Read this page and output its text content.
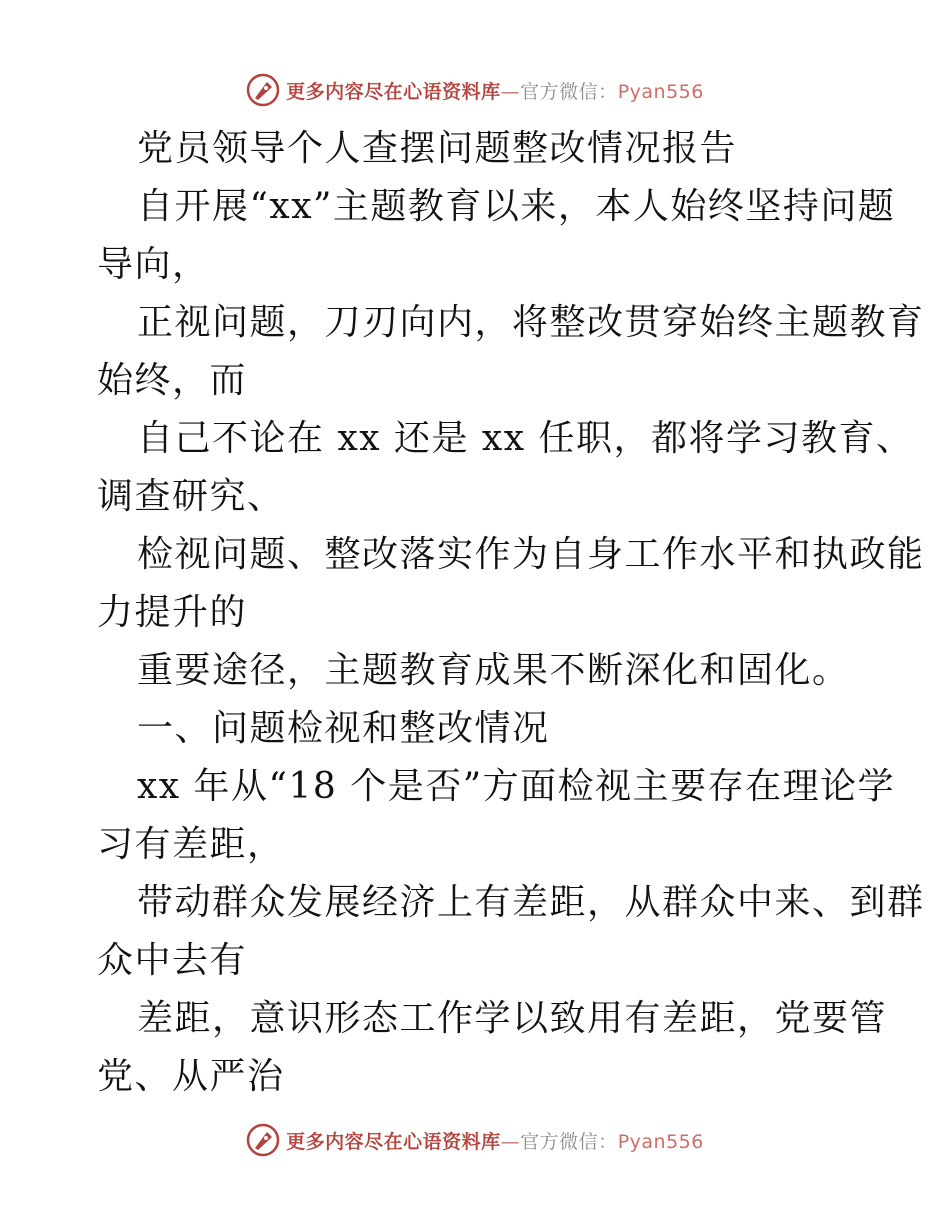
更多内容尽在心语资料库—官方微信：Pyan556
党员领导个人查摆问题整改情况报告
自开展“xx”主题教育以来，本人始终坚持问题
导向，
正视问题，刀刃向内，将整改贯穿始终主题教育
始终，而
自己不论在 xx 还是 xx 任职，都将学习教育、
调查研究、
检视问题、整改落实作为自身工作水平和执政能
力提升的
重要途径，主题教育成果不断深化和固化。
一、问题检视和整改情况
xx 年从“18 个是否”方面检视主要存在理论学
习有差距，
带动群众发展经济上有差距，从群众中来、到群
众中去有
差距，意识形态工作学以致用有差距，党要管
党、从严治
更多内容尽在心语资料库—官方微信：Pyan556
